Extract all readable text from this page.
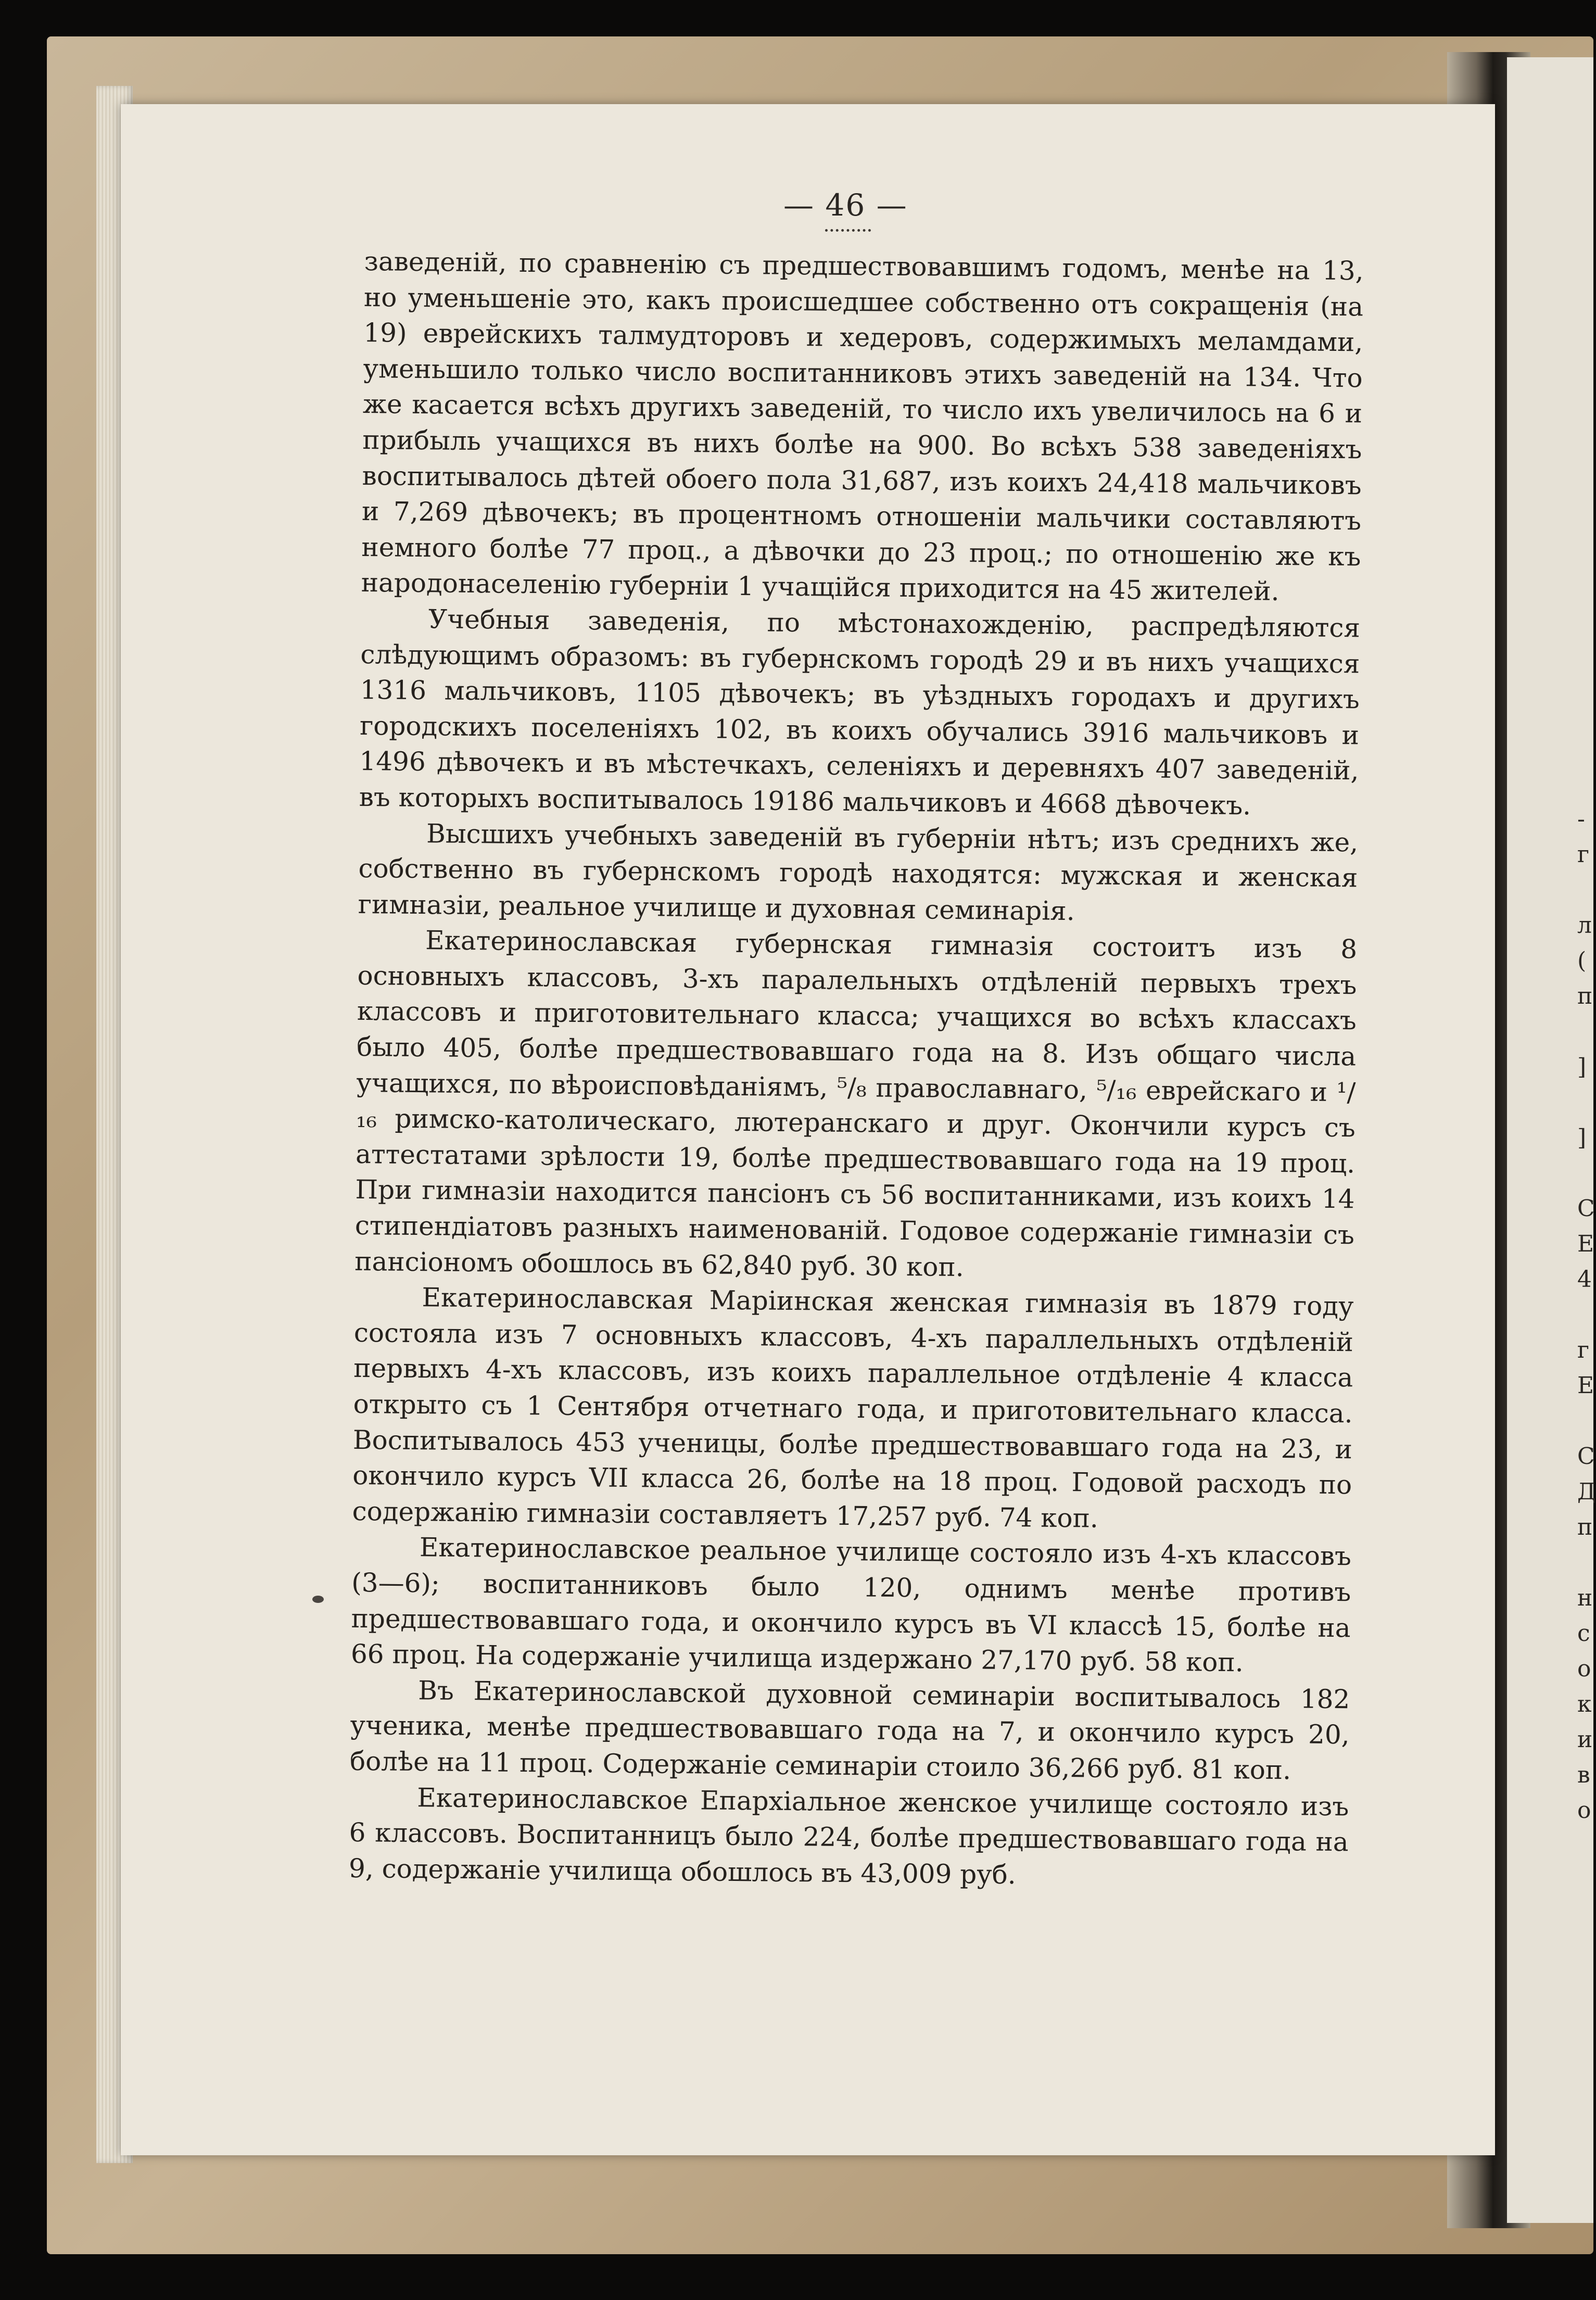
— 46 —

заведеній, по сравненію съ предшествовавшимъ годомъ, менѣе на 13, но уменьшеніе это, какъ происшедшее собственно отъ сокращенія (на 19) еврейскихъ талмудторовъ и хедеровъ, содержимыхъ меламдами, уменьшило только число воспитанниковъ этихъ заведеній на 134. Что же касается всѣхъ другихъ заведеній, то число ихъ увеличилось на 6 и прибыль учащихся въ нихъ болѣе на 900. Во всѣхъ 538 заведеніяхъ воспитывалось дѣтей обоего пола 31,687, изъ коихъ 24,418 мальчиковъ и 7,269 дѣвочекъ; въ процентномъ отношеніи мальчики составляютъ немного болѣе 77 проц., а дѣвочки до 23 проц.; по отношенію же къ народонаселенію губерніи 1 учащійся приходится на 45 жителей.

Учебныя заведенія, по мѣстонахожденію, распредѣляются слѣдующимъ образомъ: въ губернскомъ городѣ 29 и въ нихъ учащихся 1316 мальчиковъ, 1105 дѣвочекъ; въ уѣздныхъ городахъ и другихъ городскихъ поселеніяхъ 102, въ коихъ обучались 3916 мальчиковъ и 1496 дѣвочекъ и въ мѣстечкахъ, селеніяхъ и деревняхъ 407 заведеній, въ которыхъ воспитывалось 19186 мальчиковъ и 4668 дѣвочекъ.

Высшихъ учебныхъ заведеній въ губерніи нѣтъ; изъ среднихъ же, собственно въ губернскомъ городѣ находятся: мужская и женская гимназіи, реальное училище и духовная семинарія.

Екатеринославская губернская гимназія состоитъ изъ 8 основныхъ классовъ, 3-хъ паралельныхъ отдѣленій первыхъ трехъ классовъ и приготовительнаго класса; учащихся во всѣхъ классахъ было 405, болѣе предшествовавшаго года на 8. Изъ общаго числа учащихся, по вѣроисповѣданіямъ, ⁵/₈ православнаго, ⁵/₁₆ еврейскаго и ¹/₁₆ римско-католическаго, лютеранскаго и друг. Окончили курсъ съ аттестатами зрѣлости 19, болѣе предшествовавшаго года на 19 проц. При гимназіи находится пансіонъ съ 56 воспитанниками, изъ коихъ 14 стипендіатовъ разныхъ наименованій. Годовое содержаніе гимназіи съ пансіономъ обошлось въ 62,840 руб. 30 коп.

Екатеринославская Маріинская женская гимназія въ 1879 году состояла изъ 7 основныхъ классовъ, 4-хъ параллельныхъ отдѣленій первыхъ 4-хъ классовъ, изъ коихъ параллельное отдѣленіе 4 класса открыто съ 1 Сентября отчетнаго года, и приготовительнаго класса. Воспитывалось 453 ученицы, болѣе предшествовавшаго года на 23, и окончило курсъ VII класса 26, болѣе на 18 проц. Годовой расходъ по содержанію гимназіи составляетъ 17,257 руб. 74 коп.

Екатеринославское реальное училище состояло изъ 4-хъ классовъ (3—6); воспитанниковъ было 120, однимъ менѣе противъ предшествовавшаго года, и окончило курсъ въ VI классѣ 15, болѣе на 66 проц. На содержаніе училища издержано 27,170 руб. 58 коп.

Въ Екатеринославской духовной семинаріи воспитывалось 182 ученика, менѣе предшествовавшаго года на 7, и окончило курсъ 20, болѣе на 11 проц. Содержаніе семинаріи стоило 36,266 руб. 81 коп.

Екатеринославское Епархіальное женское училище состояло изъ 6 классовъ. Воспитанницъ было 224, болѣе предшествовавшаго года на 9, содержаніе училища обошлось въ 43,009 руб.

-
г
л
(
п
]
]
С
Е
4
г
Е
С
Д
п
н
с
о
к
и
в
о
